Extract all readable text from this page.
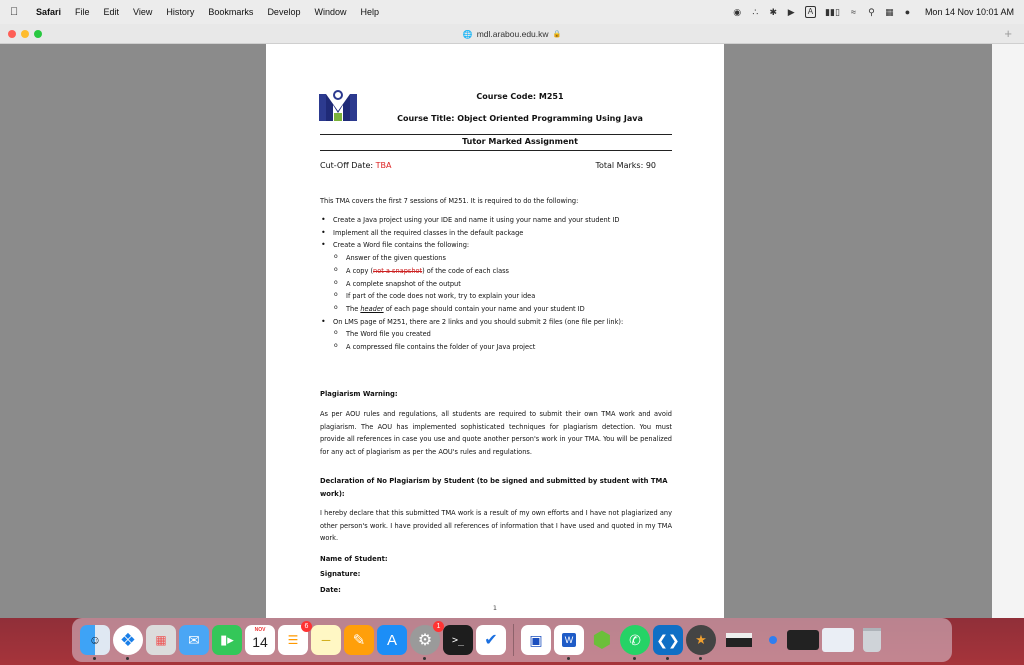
Safari File Edit View History Bookmarks Develop Window Help	◉ ∴ ✱ ▶	A	▮▮▯ ≈ ⚲ ▦ ● Mon 14 Nov 10:01 AM
🌐 mdl.arabou.edu.kw 🔒	+
Course Code: M251
Course Title: Object Oriented Programming Using Java
Tutor Marked Assignment
Cut-Off Date: TBA	Total Marks: 90
This TMA covers the first 7 sessions of M251. It is required to do the following:
• Create a Java project using your IDE and name it using your name and your student ID
• Implement all the required classes in the default package
• Create a Word file contains the following:
o Answer of the given questions
o A copy (not a snapshot) of the code of each class
o A complete snapshot of the output
o If part of the code does not work, try to explain your idea
o The header of each page should contain your name and your student ID
• On LMS page of M251, there are 2 links and you should submit 2 files (one file per link):
o The Word file you created
o A compressed file contains the folder of your Java project
Plagiarism Warning:
As per AOU rules and regulations, all students are required to submit their own TMA work and avoid plagiarism. The AOU has implemented sophisticated techniques for plagiarism detection. You must provide all references in case you use and quote another person's work in your TMA. You will be penalized for any act of plagiarism as per the AOU's rules and regulations.
Declaration of No Plagiarism by Student (to be signed and submitted by student with TMA work):
I hereby declare that this submitted TMA work is a result of my own efforts and I have not plagiarized any other person's work. I have provided all references of information that I have used and quoted in my TMA work.
Name of Student:
Signature:
Date:
1
☺ ❖ ▦ ✉ ▮▸
NOV
14	☰
6
─ ✎ A ⚙
1
>_ ✔ ▣	W ⬢ ✆ ❮❯ ★
